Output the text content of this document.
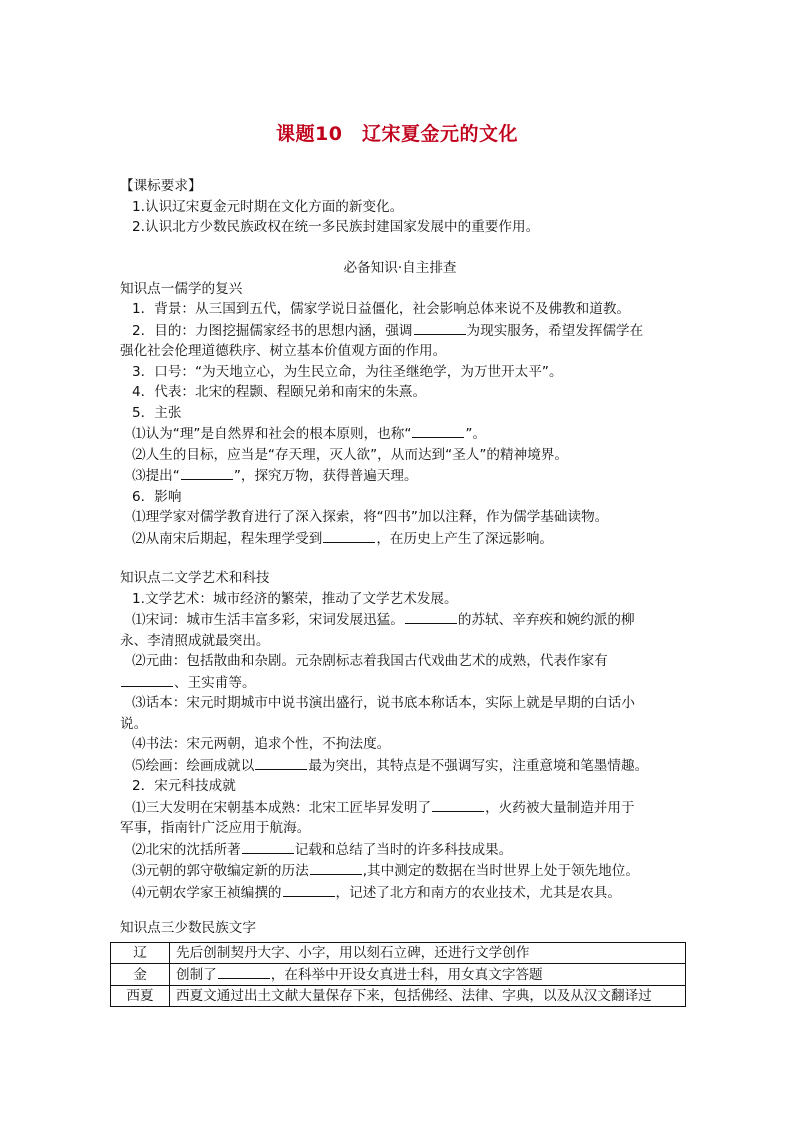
课题10　辽宋夏金元的文化

【课标要求】

1.认识辽宋夏金元时期在文化方面的新变化。

2.认识北方少数民族政权在统一多民族封建国家发展中的重要作用。

必备知识·自主排查

知识点一儒学的复兴

1．背景：从三国到五代，儒家学说日益僵化，社会影响总体来说不及佛教和道教。

2．目的：力图挖掘儒家经书的思想内涵，强调	为现实服务，希望发挥儒学在

强化社会伦理道德秩序、树立基本价值观方面的作用。

3．口号：“为天地立心，为生民立命，为往圣继绝学，为万世开太平”。

4．代表：北宋的程颢、程颐兄弟和南宋的朱熹。

5．主张

⑴认为“理”是自然界和社会的根本原则，也称“	”。

⑵人生的目标，应当是“存天理，灭人欲”，从而达到“圣人”的精神境界。

⑶提出“	”，探究万物，获得普遍天理。

6．影响

⑴理学家对儒学教育进行了深入探索，将“四书”加以注释，作为儒学基础读物。

⑵从南宋后期起，程朱理学受到	，在历史上产生了深远影响。

知识点二文学艺术和科技

1.文学艺术：城市经济的繁荣，推动了文学艺术发展。

⑴宋词：城市生活丰富多彩，宋词发展迅猛。	的苏轼、辛弃疾和婉约派的柳

永、李清照成就最突出。

⑵元曲：包括散曲和杂剧。元杂剧标志着我国古代戏曲艺术的成熟，代表作家有

、王实甫等。

⑶话本：宋元时期城市中说书演出盛行，说书底本称话本，实际上就是早期的白话小

说。

⑷书法：宋元两朝，追求个性，不拘法度。

⑸绘画：绘画成就以	最为突出，其特点是不强调写实，注重意境和笔墨情趣。

2．宋元科技成就

⑴三大发明在宋朝基本成熟：北宋工匠毕昇发明了	，火药被大量制造并用于

军事，指南针广泛应用于航海。

⑵北宋的沈括所著	记载和总结了当时的许多科技成果。

⑶元朝的郭守敬编定新的历法	,其中测定的数据在当时世界上处于领先地位。

⑷元朝农学家王祯编撰的	，记述了北方和南方的农业技术，尤其是农具。

知识点三少数民族文字

辽	先后创制契丹大字、小字，用以刻石立碑，还进行文学创作
金	创制了 ，在科举中开设女真进士科，用女真文字答题
西夏	西夏文通过出土文献大量保存下来，包括佛经、法律、字典，以及从汉文翻译过
